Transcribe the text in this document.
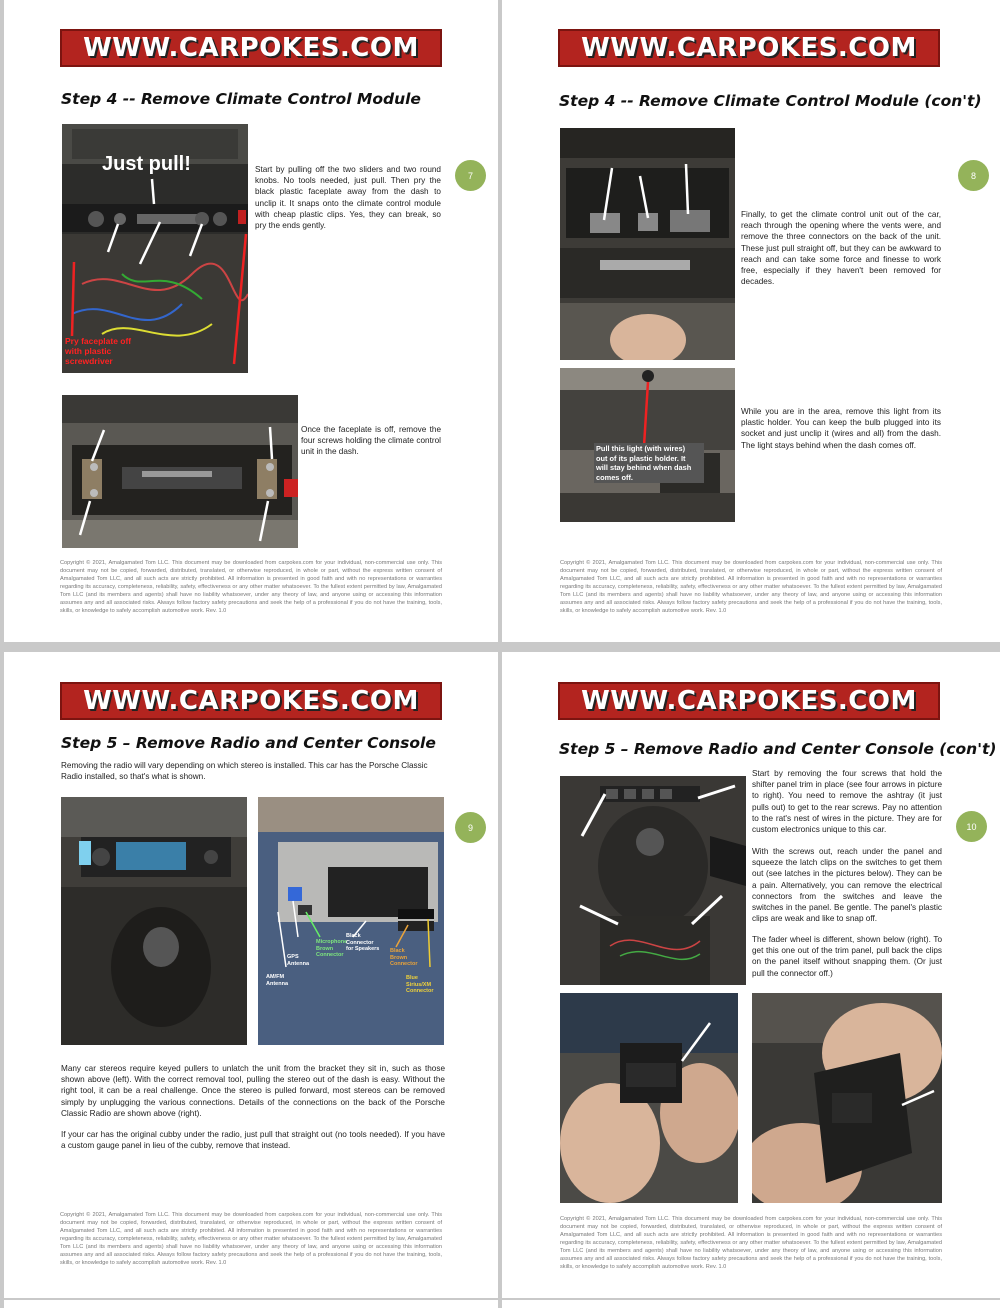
WWW.CARPOKES.COM
Step 4 -- Remove Climate Control Module
Just pull!
Pry faceplate off
with plastic
screwdriver
Start by pulling off the two sliders and two round knobs. No tools needed, just pull. Then pry the black plastic faceplate away from the dash to unclip it. It snaps onto the climate control module with cheap plastic clips. Yes, they can break, so pry the ends gently.
7
Once the faceplate is off, remove the four screws holding the climate control unit in the dash.
Copyright © 2021, Amalgamated Tom LLC. This document may be downloaded from carpokes.com for your individual, non-commercial use only. This document may not be copied, forwarded, distributed, translated, or otherwise reproduced, in whole or part, without the express written consent of Amalgamated Tom LLC, and all such acts are strictly prohibited. All information is presented in good faith and with no representations or warranties regarding its accuracy, completeness, reliability, safety, effectiveness or any other matter whatsoever. To the fullest extent permitted by law, Amalgamated Tom LLC (and its members and agents) shall have no liability whatsoever, under any theory of law, and anyone using or accessing this information assumes any and all associated risks. Always follow factory safety precautions and seek the help of a professional if you do not have the training, tools, skills, or knowledge to safely accomplish automotive work. Rev. 1.0
WWW.CARPOKES.COM
Step 4 -- Remove Climate Control Module (con't)
8
Finally, to get the climate control unit out of the car, reach through the opening where the vents were, and remove the three connectors on the back of the unit. These just pull straight off, but they can be awkward to reach and can take some force and finesse to work free, especially if they haven't been removed for decades.
Pull this light (with wires)
out of its plastic holder. It
will stay behind when dash
comes off.
While you are in the area, remove this light from its plastic holder. You can keep the bulb plugged into its socket and just unclip it (wires and all) from the dash. The light stays behind when the dash comes off.
Copyright © 2021, Amalgamated Tom LLC. This document may be downloaded from carpokes.com for your individual, non-commercial use only. This document may not be copied, forwarded, distributed, translated, or otherwise reproduced, in whole or part, without the express written consent of Amalgamated Tom LLC, and all such acts are strictly prohibited. All information is presented in good faith and with no representations or warranties regarding its accuracy, completeness, reliability, safety, effectiveness or any other matter whatsoever. To the fullest extent permitted by law, Amalgamated Tom LLC (and its members and agents) shall have no liability whatsoever, under any theory of law, and anyone using or accessing this information assumes any and all associated risks. Always follow factory safety precautions and seek the help of a professional if you do not have the training, tools, skills, or knowledge to safely accomplish automotive work. Rev. 1.0
WWW.CARPOKES.COM
Step 5 – Remove Radio and Center Console
Removing the radio will vary depending on which stereo is installed. This car has the Porsche Classic Radio installed, so that's what is shown.
9
Microphone
Brown
Connector
GPS
Antenna
AM/FM
Antenna
Black
Connector
for Speakers Black
Brown
Connector
Blue Sirius/XM
Connector
Many car stereos require keyed pullers to unlatch the unit from the bracket they sit in, such as those shown above (left). With the correct removal tool, pulling the stereo out of the dash is easy. Without the right tool, it can be a real challenge. Once the stereo is pulled forward, most stereos can be removed simply by unplugging the various connections. Details of the connections on the back of the Porsche Classic Radio are shown above (right).
If your car has the original cubby under the radio, just pull that straight out (no tools needed). If you have a custom gauge panel in lieu of the cubby, remove that instead.
Copyright © 2021, Amalgamated Tom LLC. This document may be downloaded from carpokes.com for your individual, non-commercial use only. This document may not be copied, forwarded, distributed, translated, or otherwise reproduced, in whole or part, without the express written consent of Amalgamated Tom LLC, and all such acts are strictly prohibited. All information is presented in good faith and with no representations or warranties regarding its accuracy, completeness, reliability, safety, effectiveness or any other matter whatsoever. To the fullest extent permitted by law, Amalgamated Tom LLC (and its members and agents) shall have no liability whatsoever, under any theory of law, and anyone using or accessing this information assumes any and all associated risks. Always follow factory safety precautions and seek the help of a professional if you do not have the training, tools, skills, or knowledge to safely accomplish automotive work. Rev. 1.0
WWW.CARPOKES.COM
Step 5 – Remove Radio and Center Console (con't)
10
Start by removing the four screws that hold the shifter panel trim in place (see four arrows in picture to right). You need to remove the ashtray (it just pulls out) to get to the rear screws. Pay no attention to the rat's nest of wires in the picture. They are for custom electronics unique to this car.
With the screws out, reach under the panel and squeeze the latch clips on the switches to get them out (see latches in the pictures below). They can be a pain. Alternatively, you can remove the electrical connectors from the switches and leave the switches in the panel. Be gentle. The panel's plastic clips are weak and like to snap off.
The fader wheel is different, shown below (right). To get this one out of the trim panel, pull back the clips on the panel itself without snapping them. (Or just pull the connector off.)
Copyright © 2021, Amalgamated Tom LLC. This document may be downloaded from carpokes.com for your individual, non-commercial use only. This document may not be copied, forwarded, distributed, translated, or otherwise reproduced, in whole or part, without the express written consent of Amalgamated Tom LLC, and all such acts are strictly prohibited. All information is presented in good faith and with no representations or warranties regarding its accuracy, completeness, reliability, safety, effectiveness or any other matter whatsoever. To the fullest extent permitted by law, Amalgamated Tom LLC (and its members and agents) shall have no liability whatsoever, under any theory of law, and anyone using or accessing this information assumes any and all associated risks. Always follow factory safety precautions and seek the help of a professional if you do not have the training, tools, skills, or knowledge to safely accomplish automotive work. Rev. 1.0
